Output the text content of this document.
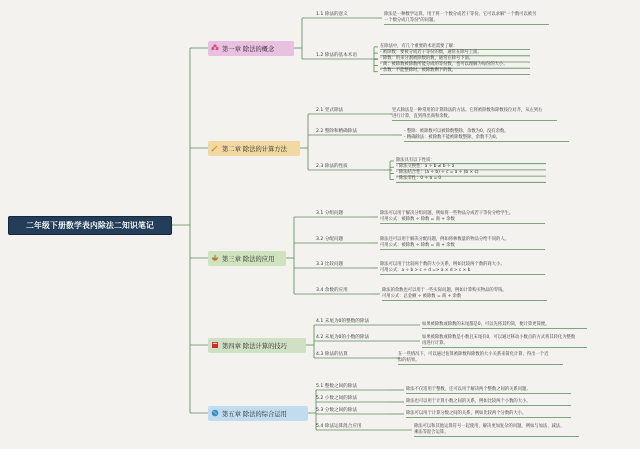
二年级下册数学表内除法二知识笔记
第一章 除法的概念
1.1 除法的意义	除法是一种数学运算，用于将一个数分成若干等份。它可以求解"一个数可以被另
一个数分成几等份"的问题。
1.2 除法的基本术语
在除法中，有几个重要的术语需要了解：
- 被除数：要被分成若干等份的数，通常在除号上面。
- 除数：用来分割被除数的数，通常在除号下面。
- 商：被除数被除数所能分成的等份数，也可以理解为每份的大小。
- 余数：不能整除时，被除数剩下的数。
第二章 除法的计算方法
2.1 竖式除法	竖式除法是一种常用的计算除法的方法。它将被除数和除数按位对齐，从左到右
进行计算，直到得出商和余数。
2.2 整除和精确除法	- 整除：被除数可以被除数整除，余数为0，没有余数。
- 精确除法：被除数不能被除数整除，余数不为0。
2.3 除法的性质
除法具有以下性质：
- 除法交换性：a ÷ b ≠ b ÷ a
- 除法结合性：(a ÷ b) ÷ c = a ÷ (b × c)
- 除法零性：0 ÷ a = 0
第三章 除法的应用
3.1 分组问题	除法可以用于解决分组问题，例如将一些物品分成若干等份分给学生。
可用公式：被除数 ÷ 除数 = 商 + 余数
3.2 分配问题	除法还可以用于解决分配问题，例如将林数量的物品分给不同的人。
可用公式：被除数 ÷ 除数 = 商 + 余数
3.3 比较问题	除法可以用于比较两个数的大小关系，例如比较两个数的商大小。
可用公式：a ÷ b > c ÷ d => a × d > c × b
3.4 余数的应用	除法的余数也可以用于一些实际问题，例如计算购买物品的零钱。
可用公式：总金额 ÷ 被除数 = 商 + 余数
第四章 除法计算的技巧
4.1 末尾为0的整数的除法
如果被除数或除数的末尾都是0，可以先将其约简，便计算更简便。
4.2 末尾为0的小数的除法	如果被除数或除数是小数且末尾有0，可以通过移动小数点的方式将其转化为整数
再进行计算。
4.3 除法的估算	在一些情况下，可以通过估算被除数和除数的大小关系来简化计算，得出一个近
似的结果。
第五章 除法的综合运用
5.1 整数之间的除法
除法不仅适用于整数，还可以用于解决两个整数之间的关系问题。
5.2 小数之间的除法
除法也可以用于计算小数之间的关系，例如比较两个小数的大小。
5.3 分数之间的除法
除法可以用于计算分数之间的关系，例如比较两个分数的大小。
5.4 除法运算混合应用	除法可以和其他运算符号一起使用，解决更加复杂的问题，例如与加法、减法、
乘法等混合运算。
